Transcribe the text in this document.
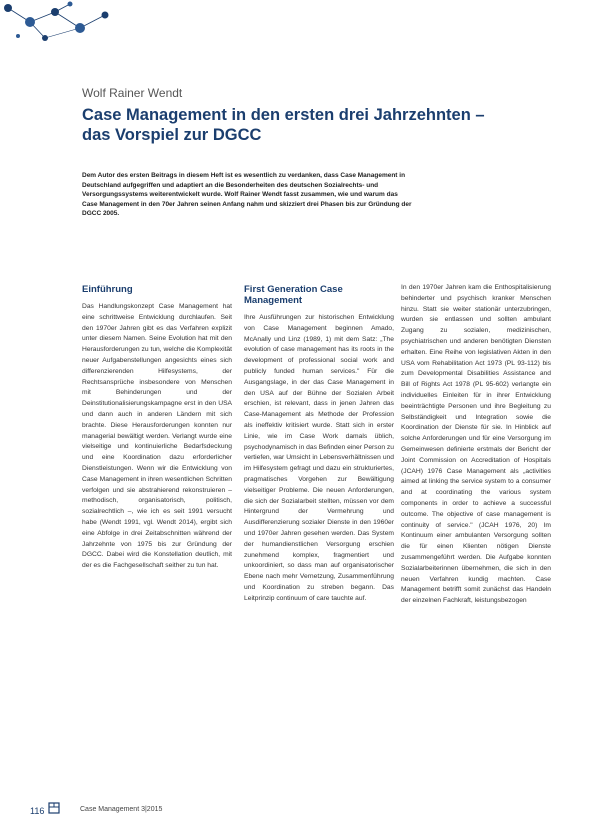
Wolf Rainer Wendt
Case Management in den ersten drei Jahrzehnten –
das Vorspiel zur DGCC

Dem Autor des ersten Beitrags in diesem Heft ist es wesentlich zu verdanken, dass Case Management in Deutschland aufgegriffen und adaptiert an die Besonderheiten des deutschen Sozialrechts- und Versorgungssystems weiterentwickelt wurde. Wolf Rainer Wendt fasst zusammen, wie und warum das Case Management in den 70er Jahren seinen Anfang nahm und skizziert drei Phasen bis zur Gründung der DGCC 2005.

Einführung

Das Handlungskonzept Case Management hat eine schrittweise Entwicklung durchlaufen. Seit den 1970er Jahren gibt es das Verfahren explizit unter diesem Namen. Seine Evolution hat mit den Herausforderungen zu tun, welche die Komplexität neuer Aufgabenstellungen angesichts eines sich differenzierenden Hilfesystems, der Rechtsansprüche insbesondere von Menschen mit Behinderungen und der Deinstitutionalisierungskampagne erst in den USA und dann auch in anderen Ländern mit sich brachte. Diese Herausforderungen konnten nur managerial bewältigt werden. Verlangt wurde eine vielseitige und kontinuierliche Bedarfsdeckung und eine Koordination dazu erforderlicher Dienstleistungen. Wenn wir die Entwicklung von Case Management in ihren wesentlichen Schritten verfolgen und sie abstrahierend rekonstruieren – methodisch, organisatorisch, politisch, sozialrechtlich –, wie ich es seit 1991 versucht habe (Wendt 1991, vgl. Wendt 2014), ergibt sich eine Abfolge in drei Zeitabschnitten während der Jahrzehnte von 1975 bis zur Gründung der DGCC. Dabei wird die Konstellation deutlich, mit der es die Fachgesellschaft seither zu tun hat.

First Generation Case Management

Ihre Ausführungen zur historischen Entwicklung von Case Management beginnen Amado, McAnally und Linz (1989, 1) mit dem Satz: „The evolution of case management has its roots in the development of professional social work and publicly funded human services." Für die Ausgangslage, in der das Case Management in den USA auf der Bühne der Sozialen Arbeit erschien, ist relevant, dass in jenen Jahren das Case-Management als Methode der Profession als ineffektiv kritisiert wurde. Statt sich in erster Linie, wie im Case Work damals üblich, psychodynamisch in das Befinden einer Person zu vertiefen, war Umsicht in Lebensverhältnissen und im Hilfesystem gefragt und dazu ein strukturiertes, pragmatisches Vorgehen zur Bewältigung vielseitiger Probleme. Die neuen Anforderungen, die sich der Sozialarbeit stellten, müssen vor dem Hintergrund der Vermehrung und Ausdifferenzierung sozialer Dienste in den 1960er und 1970er Jahren gesehen werden. Das System der humandienstlichen Versorgung erschien zunehmend komplex, fragmentiert und unkoordiniert, so dass man auf organisatorischer Ebene nach mehr Vernetzung, Zusammenführung und Koordination zu streben begann. Das Leitprinzip continuum of care tauchte auf.

In den 1970er Jahren kam die Enthospitalisierung behinderter und psychisch kranker Menschen hinzu. Statt sie weiter stationär unterzubringen, wurden sie entlassen und sollten ambulant Zugang zu sozialen, medizinischen, psychiatrischen und anderen benötigten Diensten erhalten. Eine Reihe von legislativen Akten in den USA vom Rehabilitation Act 1973 (PL 93-112) bis zum Developmental Disabilities Assistance and Bill of Rights Act 1978 (PL 95-602) verlangte ein individuelles Einleiten für in ihrer Entwicklung beeinträchtigte Personen und ihre Begleitung zu Selbständigkeit und Integration sowie die Koordination der Dienste für sie. In Hinblick auf solche Anforderungen und für eine Versorgung im Gemeinwesen definierte erstmals der Bericht der Joint Commission on Accreditation of Hospitals (JCAH) 1976 Case Management als „activities aimed at linking the service system to a consumer and at coordinating the various system components in order to achieve a successful outcome. The objective of case management is continuity of service." (JCAH 1976, 20) Im Kontinuum einer ambulanten Versorgung sollten die für einen Klienten nötigen Dienste zusammengeführt werden. Die Aufgabe konnten Sozialarbeiterinnen übernehmen, die sich in den neuen Verfahren kundig machten. Case Management betrifft somit zunächst das Handeln der einzelnen Fachkraft, leistungsbezogen

116	Case Management 3|2015
